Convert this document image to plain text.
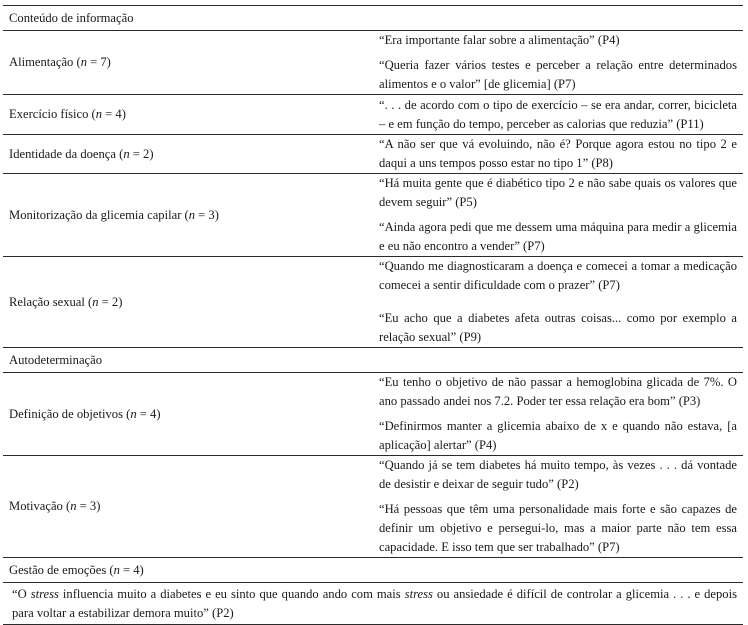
Conteúdo de informação	
Alimentação (n = 7)	“Era importante falar sobre a alimentação” (P4)
“Queria fazer vários testes e perceber a relação entre determinados alimentos e o valor” [de glicemia] (P7)

Exercício físico (n = 4)	“. . . de acordo com o tipo de exercício – se era andar, correr, bicicleta – e em função do tempo, perceber as calorias que reduzia” (P11)

Identidade da doença (n = 2)	“A não ser que vá evoluindo, não é? Porque agora estou no tipo 2 e daqui a uns tempos posso estar no tipo 1” (P8)

Monitorização da glicemia capilar (n = 3)	“Há muita gente que é diabético tipo 2 e não sabe quais os valores que devem seguir” (P5)
“Ainda agora pedi que me dessem uma máquina para medir a glicemia e eu não encontro a vender” (P7)

Relação sexual (n = 2)	“Quando me diagnosticaram a doença e comecei a tomar a medicação comecei a sentir dificuldade com o prazer” (P7)
“Eu acho que a diabetes afeta outras coisas... como por exemplo a relação sexual” (P9)

Autodeterminação	
Definição de objetivos (n = 4)	“Eu tenho o objetivo de não passar a hemoglobina glicada de 7%. O ano passado andei nos 7.2. Poder ter essa relação era bom” (P3)
“Definirmos manter a glicemia abaixo de x e quando não estava, [a aplicação] alertar” (P4)

Motivação (n = 3)	“Quando já se tem diabetes há muito tempo, às vezes . . . dá vontade de desistir e deixar de seguir tudo” (P2)
“Há pessoas que têm uma personalidade mais forte e são capazes de definir um objetivo e persegui-lo, mas a maior parte não tem essa capacidade. E isso tem que ser trabalhado” (P7)

Gestão de emoções (n = 4)	

“O stress influencia muito a diabetes e eu sinto que quando ando com mais stress ou ansiedade é difícil de controlar a glicemia . . . e depois para voltar a estabilizar demora muito” (P2)	
